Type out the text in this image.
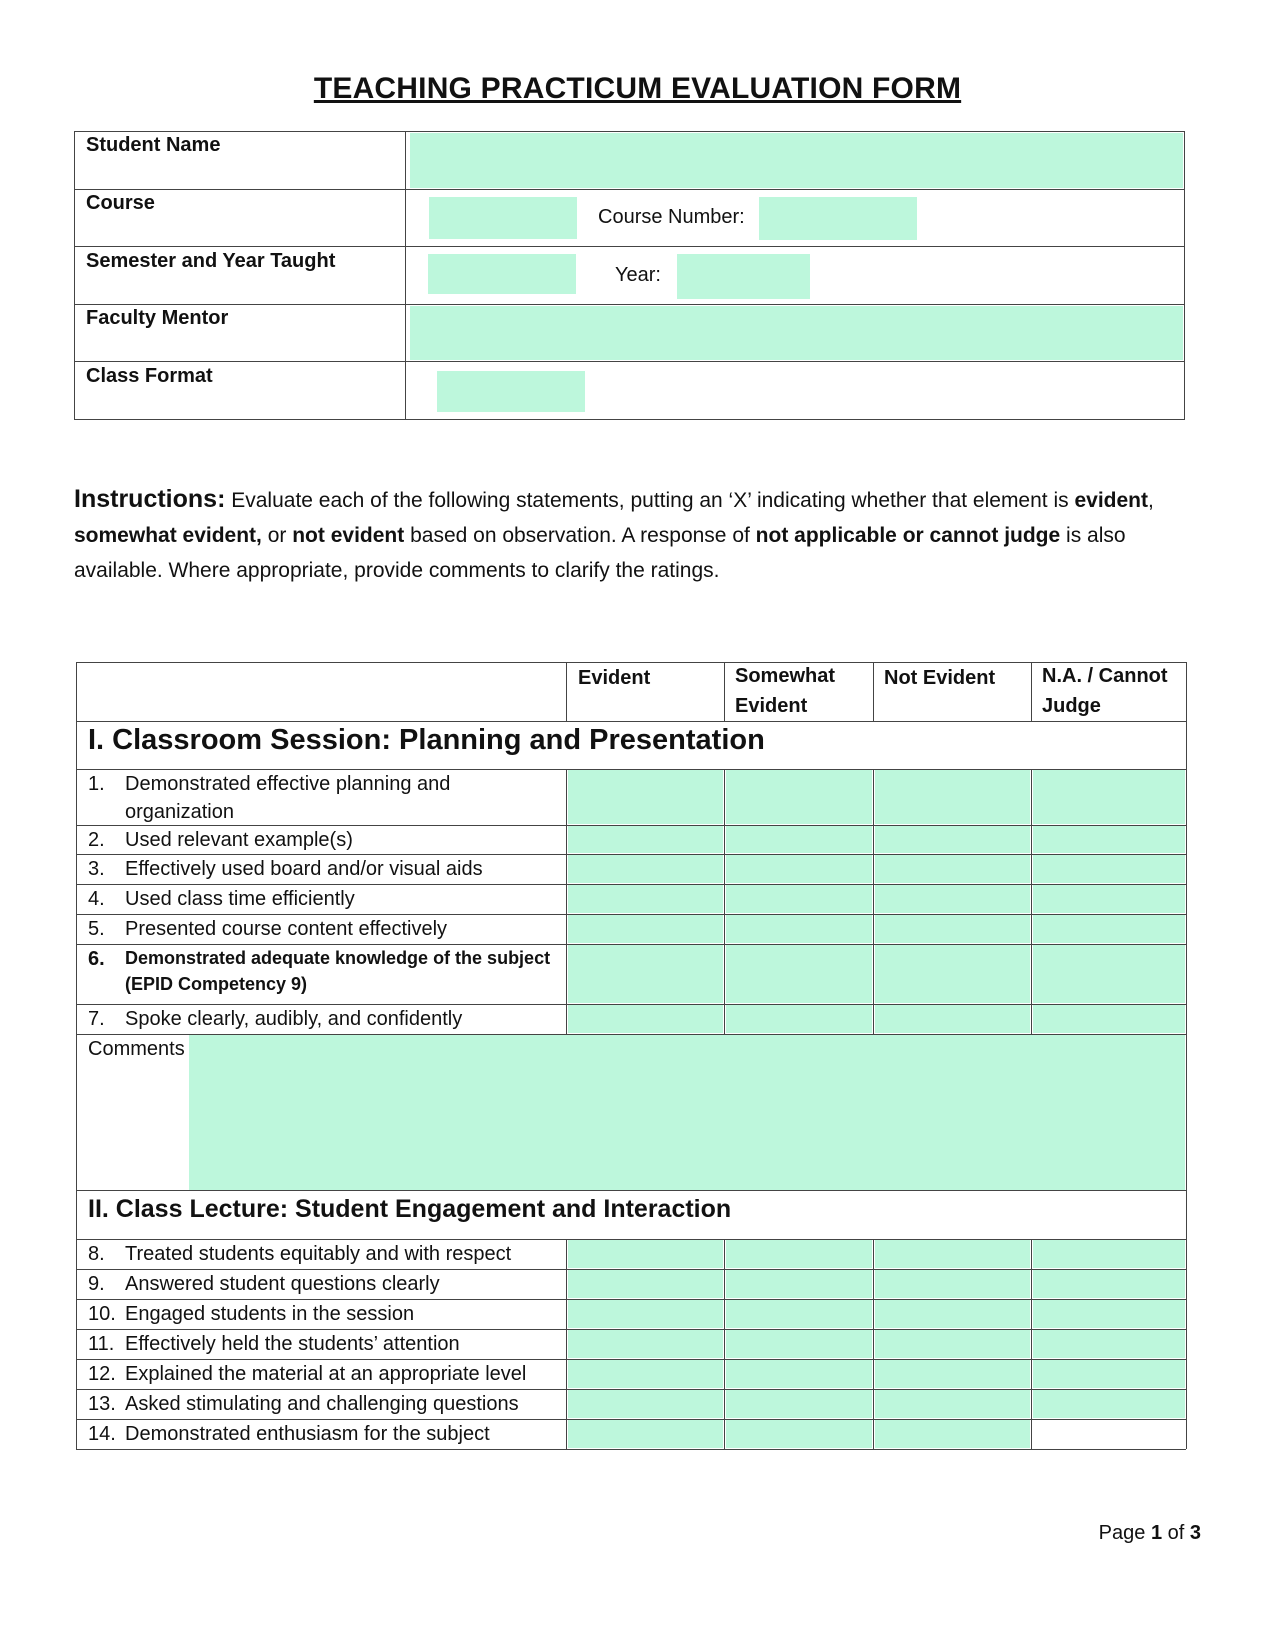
TEACHING PRACTICUM EVALUATION FORM
Student Name
Course
Course Number:
Semester and Year Taught
Year:
Faculty Mentor
Class Format
Instructions: Evaluate each of the following statements, putting an ‘X’ indicating whether that element is evident, somewhat evident, or not evident based on observation. A response of not applicable or cannot judge is also available. Where appropriate, provide comments to clarify the ratings.
Evident	Somewhat Evident
Not Evident N.A. / Cannot Judge
I. Classroom Session: Planning and Presentation
Comments
II. Class Lecture: Student Engagement and Interaction
1. Demonstrated effective planning and organization
2. Used relevant example(s)
3. Effectively used board and/or visual aids
4. Used class time efficiently
5. Presented course content effectively
6. Demonstrated adequate knowledge of the subject (EPID Competency 9)
7. Spoke clearly, audibly, and confidently
8. Treated students equitably and with respect
9. Answered student questions clearly
10. Engaged students in the session
11. Effectively held the students’ attention
12. Explained the material at an appropriate level
13. Asked stimulating and challenging questions
14. Demonstrated enthusiasm for the subject
Page 1 of 3
